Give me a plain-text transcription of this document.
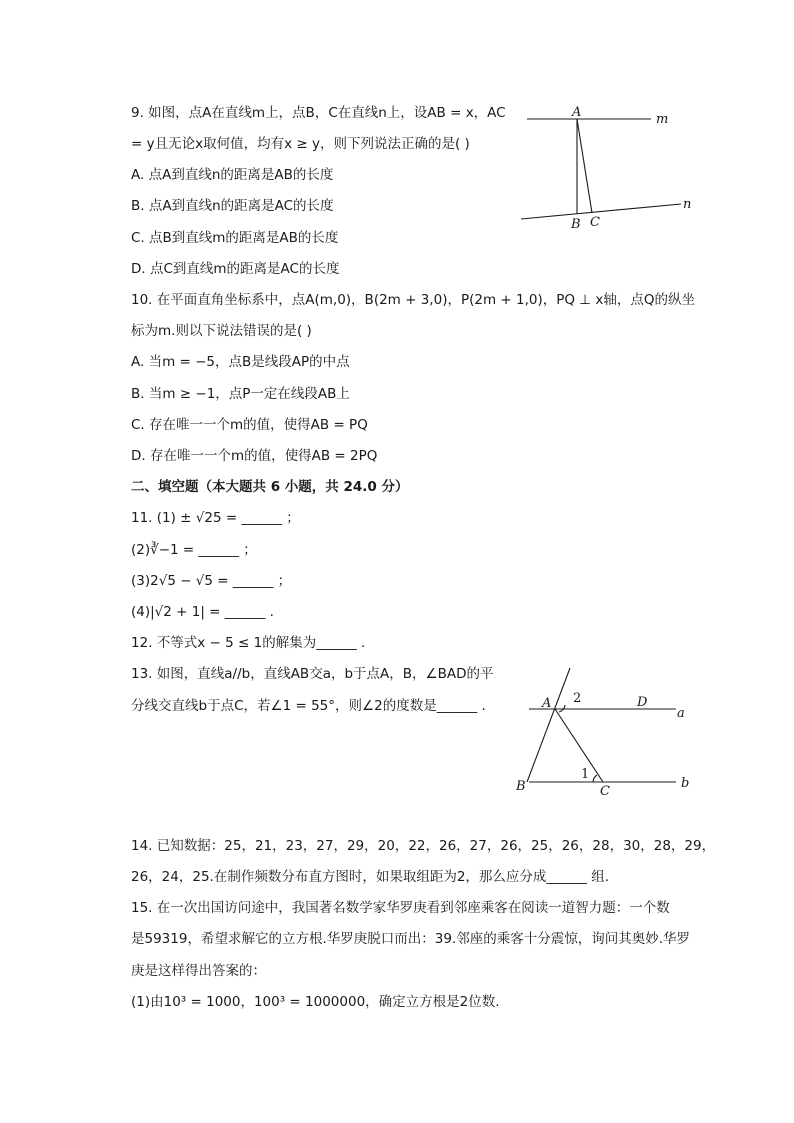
9. 如图，点A在直线m上，点B，C在直线n上，设AB = x，AC
= y且无论x取何值，均有x ≥ y，则下列说法正确的是( )
A. 点A到直线n的距离是AB的长度
B. 点A到直线n的距离是AC的长度
C. 点B到直线m的距离是AB的长度
D. 点C到直线m的距离是AC的长度
A	m
n
B C
10. 在平面直角坐标系中，点A(m,0)，B(2m + 3,0)，P(2m + 1,0)，PQ ⊥ x轴，点Q的纵坐
标为m.则以下说法错误的是( )
A. 当m = −5，点B是线段AP的中点
B. 当m ≥ −1，点P一定在线段AB上
C. 存在唯一一个m的值，使得AB = PQ
D. 存在唯一一个m的值，使得AB = 2PQ
二、填空题（本大题共 6 小题，共 24.0 分）
11. (1) ± √25 = ______ ；
(2)∛−1 = ______ ；
(3)2√5 − √5 = ______ ；
(4)|√2 + 1| = ______ .
12. 不等式x − 5 ≤ 1的解集为______ .
13. 如图，直线a//b，直线AB交a，b于点A，B，∠BAD的平
分线交直线b于点C，若∠1 = 55°，则∠2的度数是______ .	A 2	D
a
1
B	C
b
14. 已知数据：25，21，23，27，29，20，22，26，27，26，25，26，28，30，28，29，
26，24，25.在制作频数分布直方图时，如果取组距为2，那么应分成______ 组.
15. 在一次出国访问途中，我国著名数学家华罗庚看到邻座乘客在阅读一道智力题：一个数
是59319，希望求解它的立方根.华罗庚脱口而出：39.邻座的乘客十分震惊，询问其奥妙.华罗
庚是这样得出答案的：
(1)由10³ = 1000，100³ = 1000000，确定立方根是2位数.
